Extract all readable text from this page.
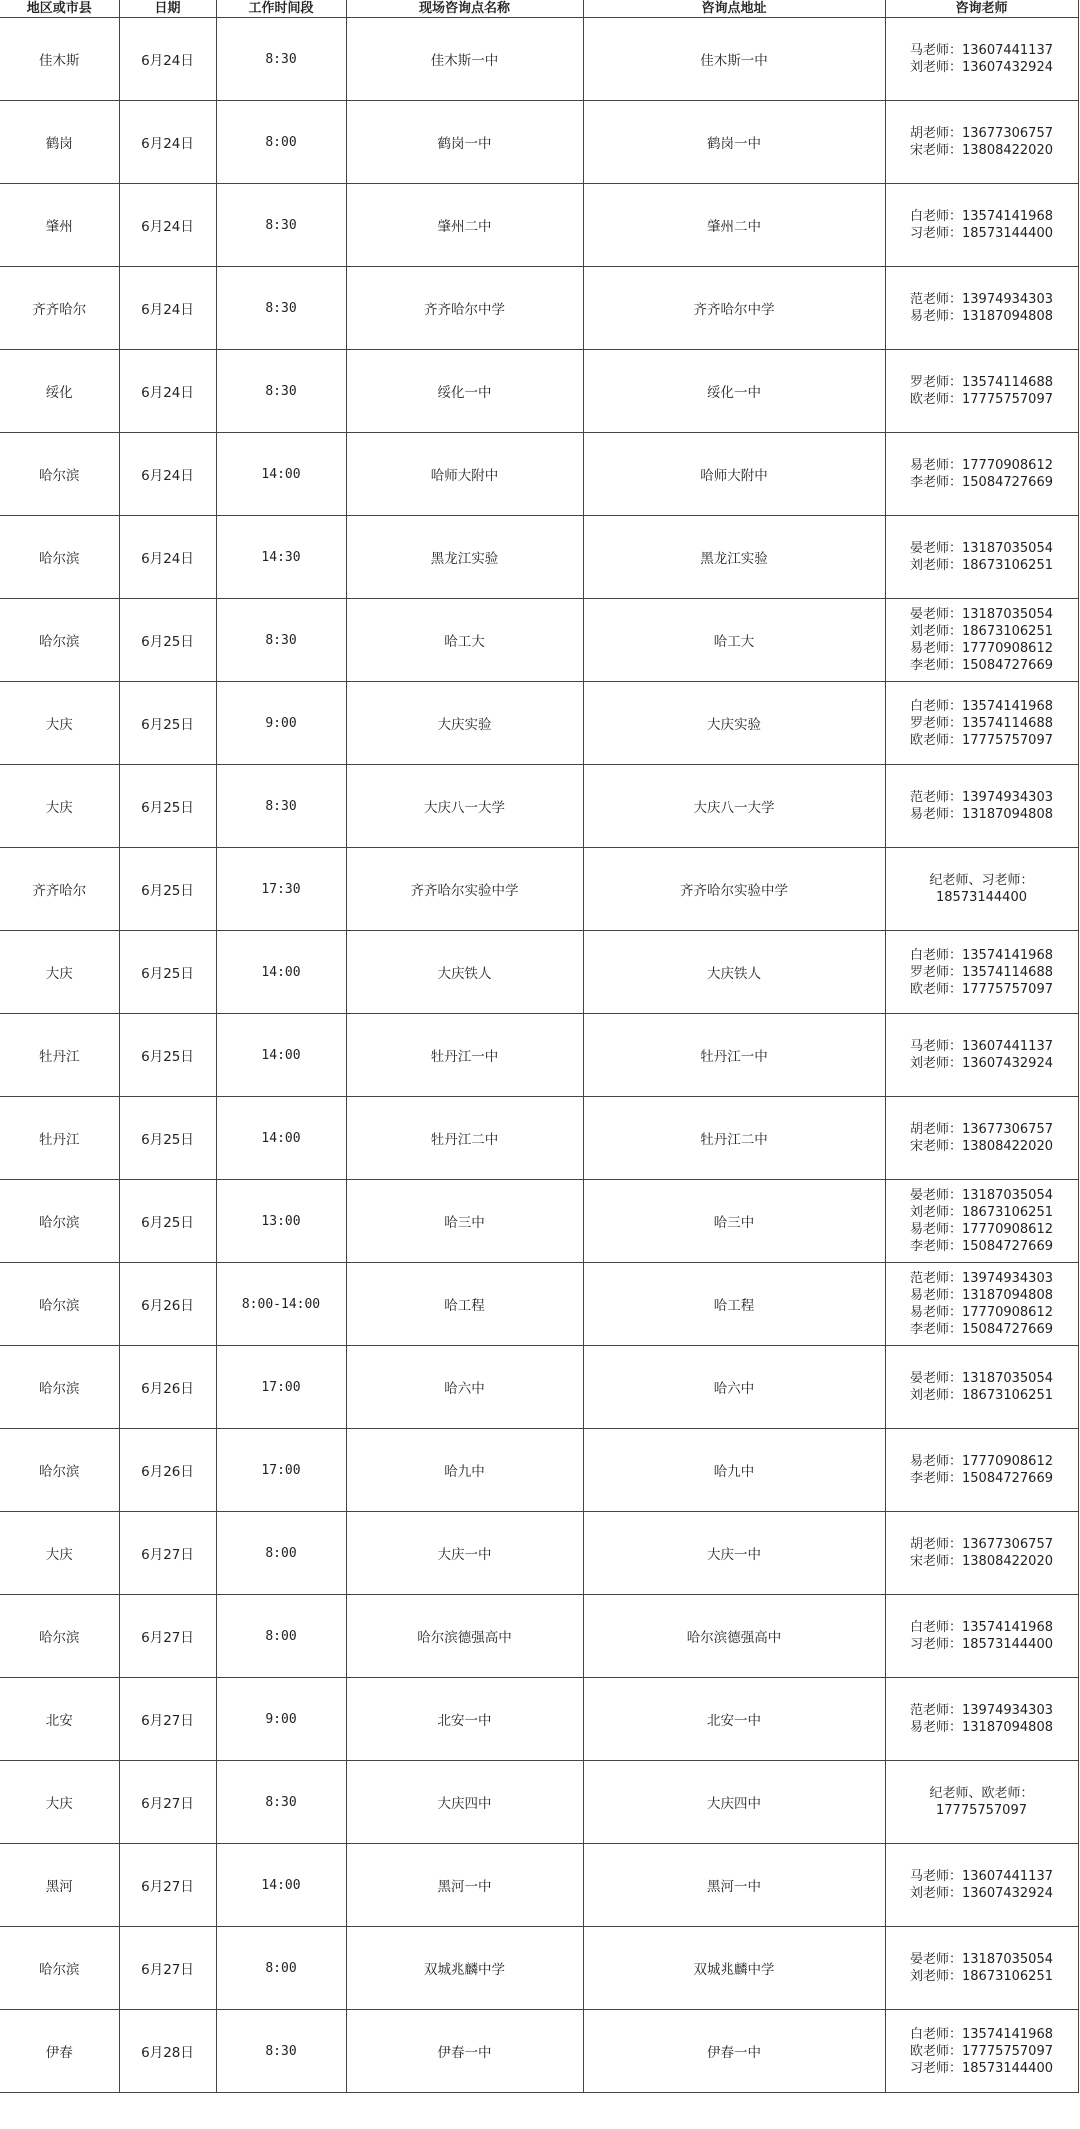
地区或市县	日期	工作时间段	现场咨询点名称	咨询点地址	咨询老师
佳木斯	6月24日	8:30	佳木斯一中	佳木斯一中	马老师：13607441137
刘老师：13607432924

鹤岗	6月24日	8:00	鹤岗一中	鹤岗一中	胡老师：13677306757
宋老师：13808422020

肇州	6月24日	8:30	肇州二中	肇州二中	白老师：13574141968
习老师：18573144400

齐齐哈尔	6月24日	8:30	齐齐哈尔中学	齐齐哈尔中学	范老师：13974934303
易老师：13187094808

绥化	6月24日	8:30	绥化一中	绥化一中	罗老师：13574114688
欧老师：17775757097

哈尔滨	6月24日	14:00	哈师大附中	哈师大附中	易老师：17770908612
李老师：15084727669

哈尔滨	6月24日	14:30	黑龙江实验	黑龙江实验	晏老师：13187035054
刘老师：18673106251

哈尔滨	6月25日	8:30	哈工大	哈工大	晏老师：13187035054
刘老师：18673106251
易老师：17770908612
李老师：15084727669

大庆	6月25日	9:00	大庆实验	大庆实验	白老师：13574141968
罗老师：13574114688
欧老师：17775757097

大庆	6月25日	8:30	大庆八一大学	大庆八一大学	范老师：13974934303
易老师：13187094808

齐齐哈尔	6月25日	17:30	齐齐哈尔实验中学	齐齐哈尔实验中学	纪老师、习老师：
18573144400

大庆	6月25日	14:00	大庆铁人	大庆铁人	白老师：13574141968
罗老师：13574114688
欧老师：17775757097

牡丹江	6月25日	14:00	牡丹江一中	牡丹江一中	马老师：13607441137
刘老师：13607432924

牡丹江	6月25日	14:00	牡丹江二中	牡丹江二中	胡老师：13677306757
宋老师：13808422020

哈尔滨	6月25日	13:00	哈三中	哈三中	晏老师：13187035054
刘老师：18673106251
易老师：17770908612
李老师：15084727669

哈尔滨	6月26日	8:00-14:00	哈工程	哈工程	范老师：13974934303
易老师：13187094808
易老师：17770908612
李老师：15084727669

哈尔滨	6月26日	17:00	哈六中	哈六中	晏老师：13187035054
刘老师：18673106251

哈尔滨	6月26日	17:00	哈九中	哈九中	易老师：17770908612
李老师：15084727669

大庆	6月27日	8:00	大庆一中	大庆一中	胡老师：13677306757
宋老师：13808422020

哈尔滨	6月27日	8:00	哈尔滨德强高中	哈尔滨德强高中	白老师：13574141968
习老师：18573144400

北安	6月27日	9:00	北安一中	北安一中	范老师：13974934303
易老师：13187094808

大庆	6月27日	8:30	大庆四中	大庆四中	纪老师、欧老师：
17775757097

黑河	6月27日	14:00	黑河一中	黑河一中	马老师：13607441137
刘老师：13607432924

哈尔滨	6月27日	8:00	双城兆麟中学	双城兆麟中学	晏老师：13187035054
刘老师：18673106251

伊春	6月28日	8:30	伊春一中	伊春一中	白老师：13574141968
欧老师：17775757097
习老师：18573144400
